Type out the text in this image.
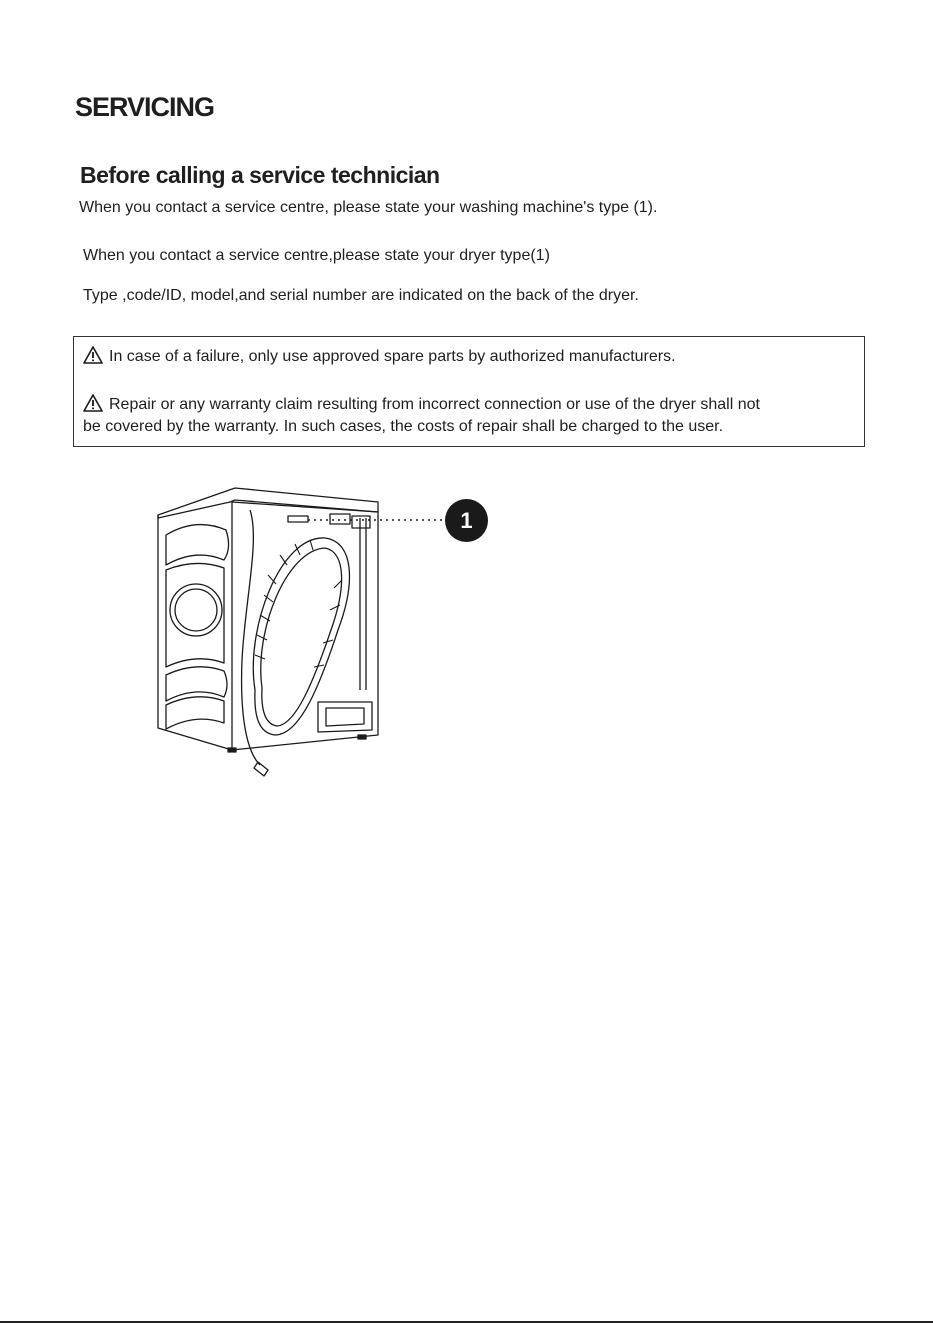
SERVICING
Before calling a service technician
When you contact a service centre, please state your washing machine's type (1).
When you contact a service centre,please state your dryer type(1)
Type ,code/ID, model,and serial number are indicated on the back of the dryer.
In case of a failure, only use approved spare parts by authorized manufacturers.
Repair or any warranty claim resulting from incorrect connection or use of the dryer shall not
be covered by the warranty. In such cases, the costs of repair shall be charged to the user.
1
